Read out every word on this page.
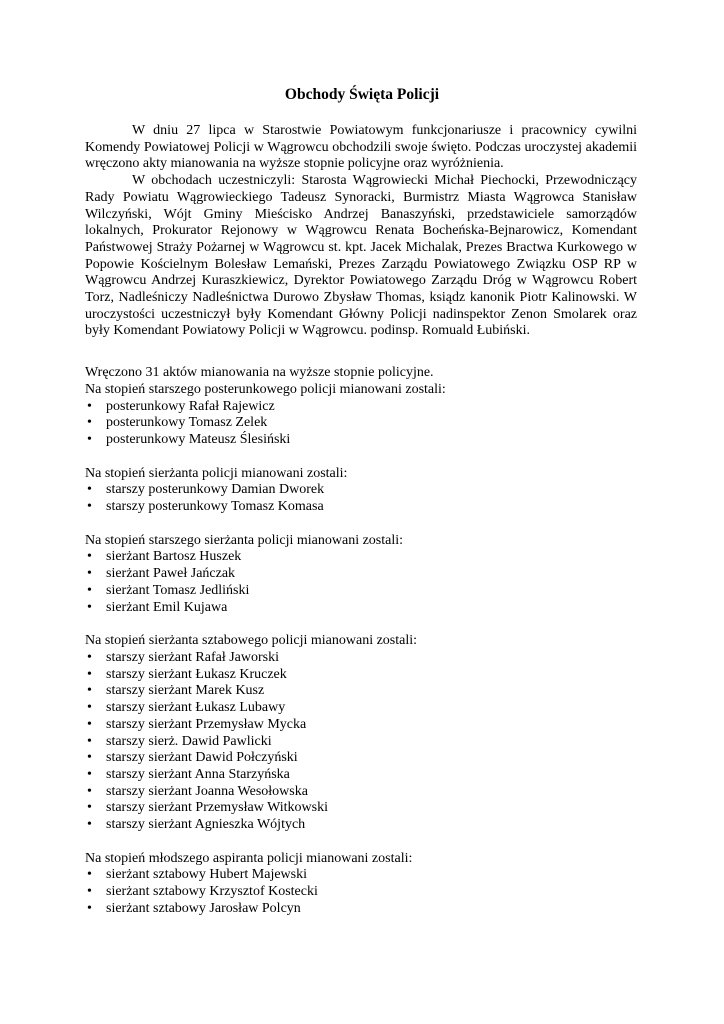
Obchody Święta Policji

W dniu 27 lipca w Starostwie Powiatowym funkcjonariusze i pracownicy cywilni Komendy Powiatowej Policji w Wągrowcu obchodzili swoje święto. Podczas uroczystej akademii wręczono akty mianowania na wyższe stopnie policyjne oraz wyróżnienia.

W obchodach uczestniczyli: Starosta Wągrowiecki Michał Piechocki, Przewodniczący Rady Powiatu Wągrowieckiego Tadeusz Synoracki, Burmistrz Miasta Wągrowca Stanisław Wilczyński, Wójt Gminy Mieścisko Andrzej Banaszyński, przedstawiciele samorządów lokalnych, Prokurator Rejonowy w Wągrowcu Renata Bocheńska-Bejnarowicz, Komendant Państwowej Straży Pożarnej w Wągrowcu st. kpt. Jacek Michalak, Prezes Bractwa Kurkowego w Popowie Kościelnym Bolesław Lemański, Prezes Zarządu Powiatowego Związku OSP RP w Wągrowcu Andrzej Kuraszkiewicz, Dyrektor Powiatowego Zarządu Dróg w Wągrowcu Robert Torz, Nadleśniczy Nadleśnictwa Durowo Zbysław Thomas, ksiądz kanonik Piotr Kalinowski. W uroczystości uczestniczył były Komendant Główny Policji nadinspektor Zenon Smolarek oraz były Komendant Powiatowy Policji w Wągrowcu. podinsp. Romuald Łubiński.

Wręczono 31 aktów mianowania na wyższe stopnie policyjne.

Na stopień starszego posterunkowego policji mianowani zostali:

• posterunkowy Rafał Rajewicz
• posterunkowy Tomasz Zelek
• posterunkowy Mateusz Ślesiński

Na stopień sierżanta policji mianowani zostali:

• starszy posterunkowy Damian Dworek
• starszy posterunkowy Tomasz Komasa

Na stopień starszego sierżanta policji mianowani zostali:

• sierżant Bartosz Huszek
• sierżant Paweł Jańczak
• sierżant Tomasz Jedliński
• sierżant Emil Kujawa

Na stopień sierżanta sztabowego policji mianowani zostali:

• starszy sierżant Rafał Jaworski
• starszy sierżant Łukasz Kruczek
• starszy sierżant Marek Kusz
• starszy sierżant Łukasz Lubawy
• starszy sierżant Przemysław Mycka
• starszy sierż. Dawid Pawlicki
• starszy sierżant Dawid Połczyński
• starszy sierżant Anna Starzyńska
• starszy sierżant Joanna Wesołowska
• starszy sierżant Przemysław Witkowski
• starszy sierżant Agnieszka Wójtych

Na stopień młodszego aspiranta policji mianowani zostali:

• sierżant sztabowy Hubert Majewski
• sierżant sztabowy Krzysztof Kostecki
• sierżant sztabowy Jarosław Polcyn
